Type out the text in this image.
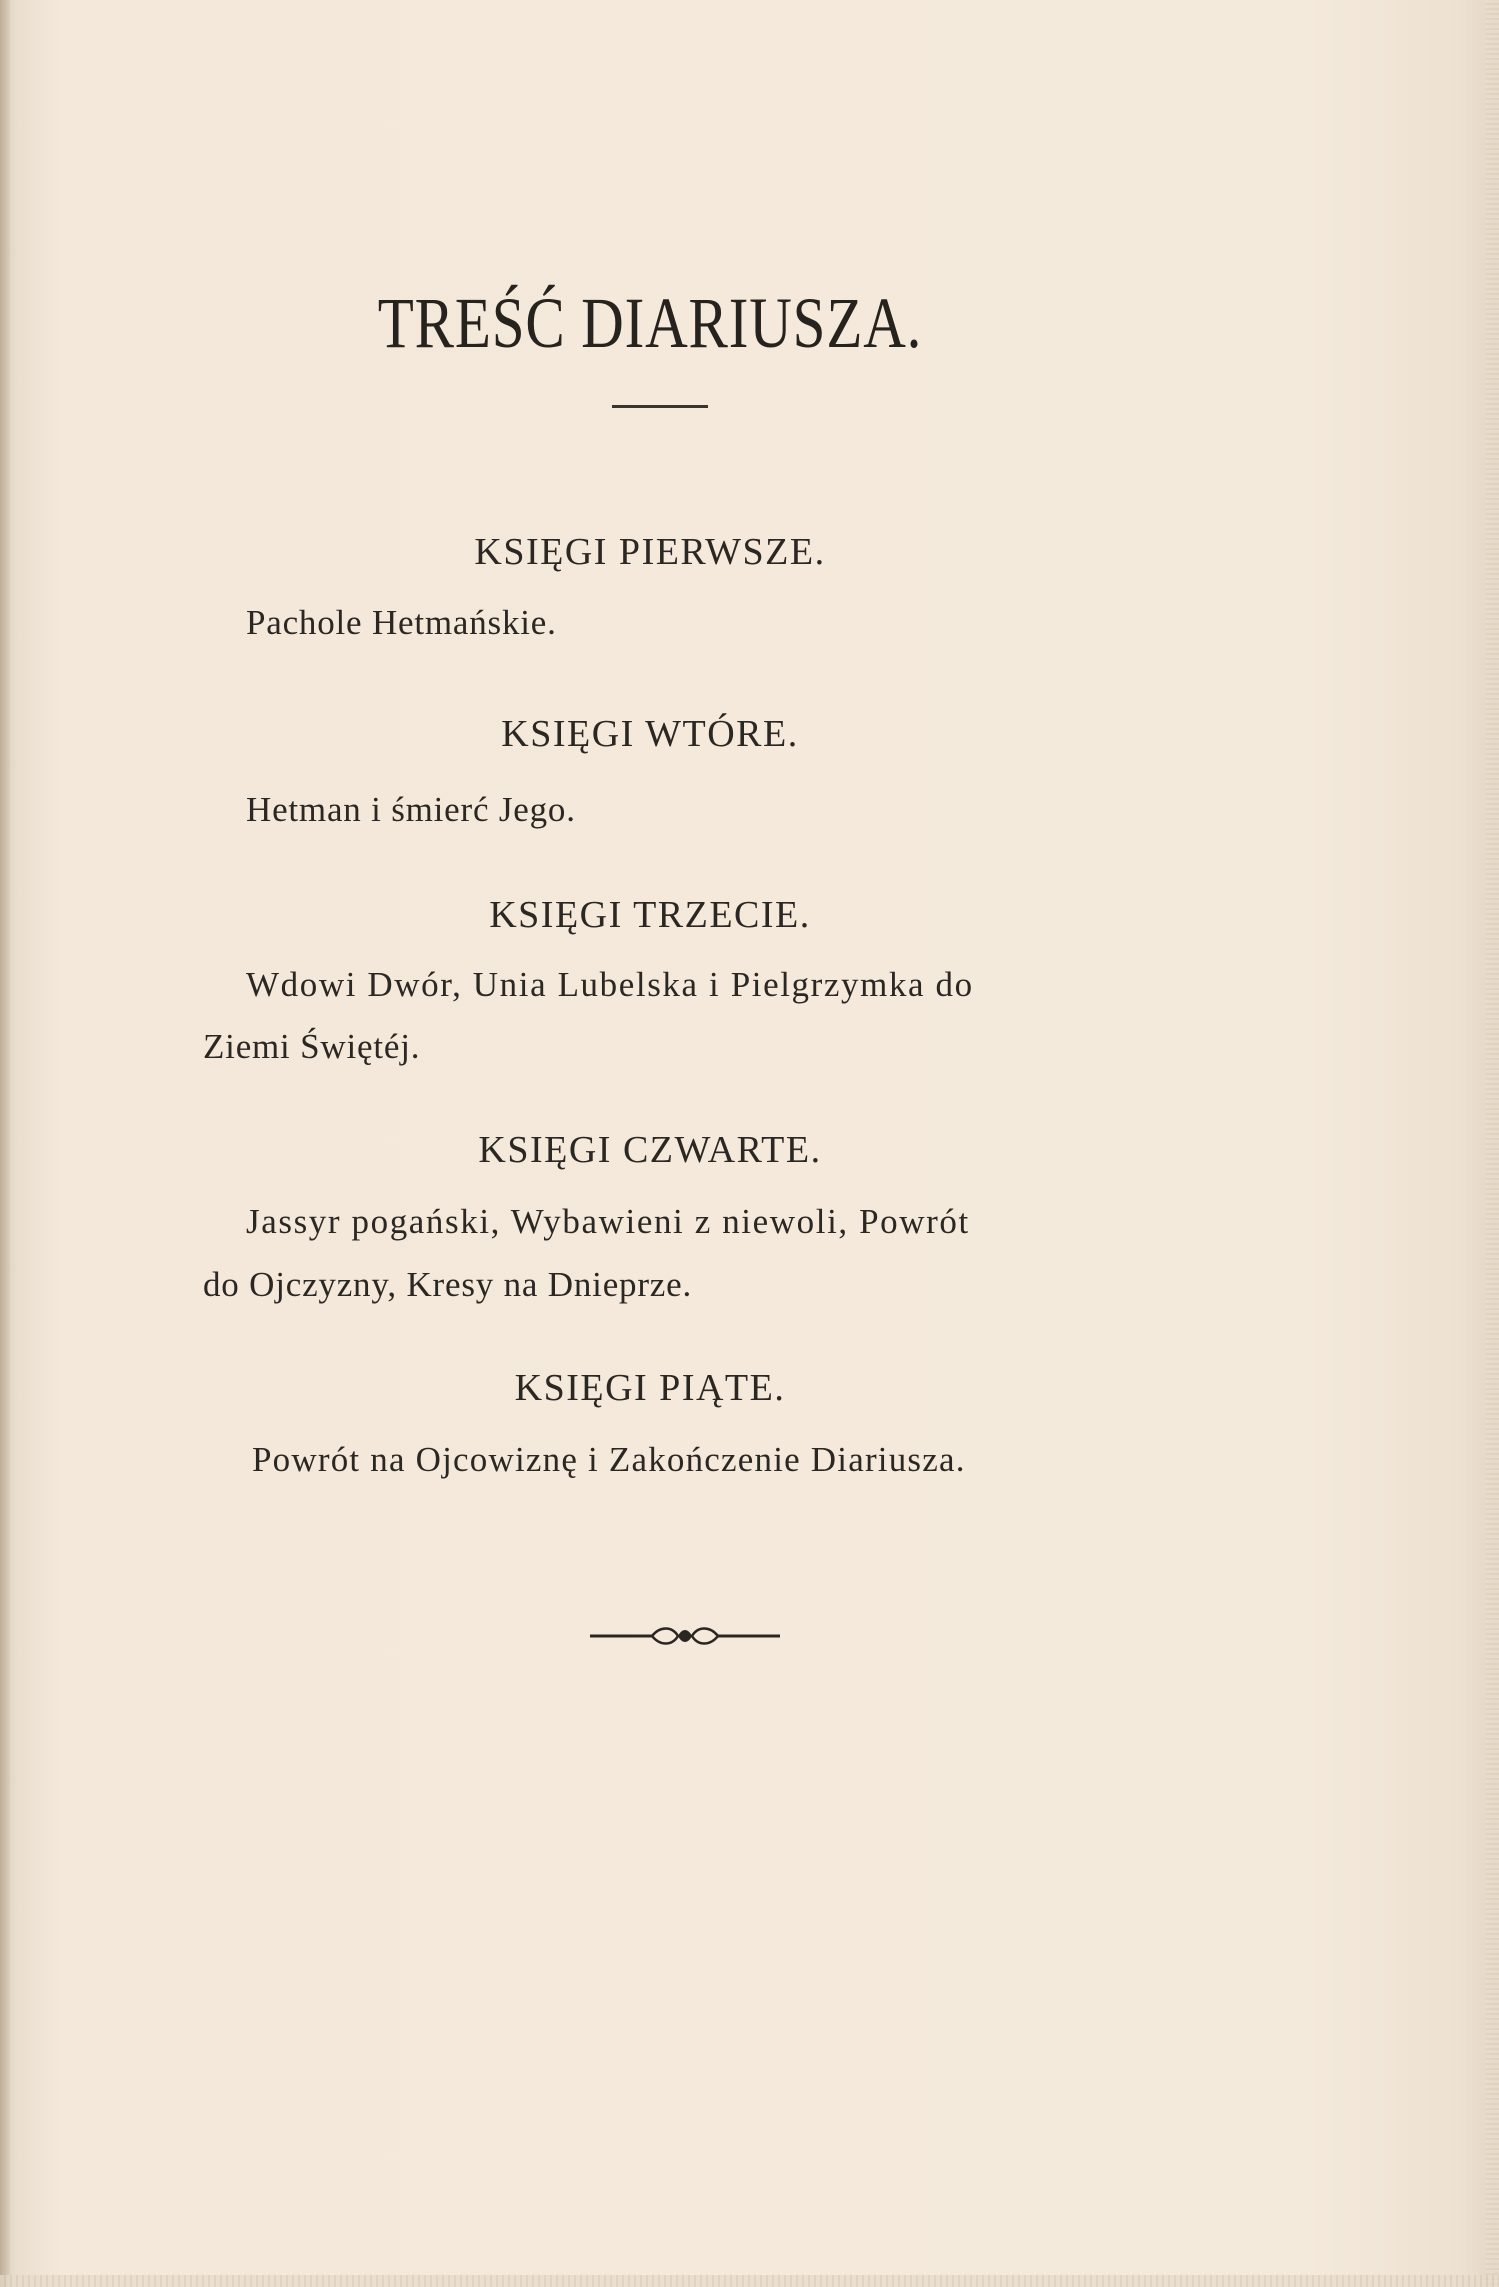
TREŚĆ DIARIUSZA.
KSIĘGI PIERWSZE.
Pachole Hetmańskie.
KSIĘGI WTÓRE.
Hetman i śmierć Jego.
KSIĘGI TRZECIE.
Wdowi Dwór, Unia Lubelska i Pielgrzymka do
Ziemi Świętéj.
KSIĘGI CZWARTE.
Jassyr pogański, Wybawieni z niewoli, Powrót
do Ojczyzny, Kresy na Dnieprze.
KSIĘGI PIĄTE.
Powrót na Ojcowiznę i Zakończenie Diariusza.
